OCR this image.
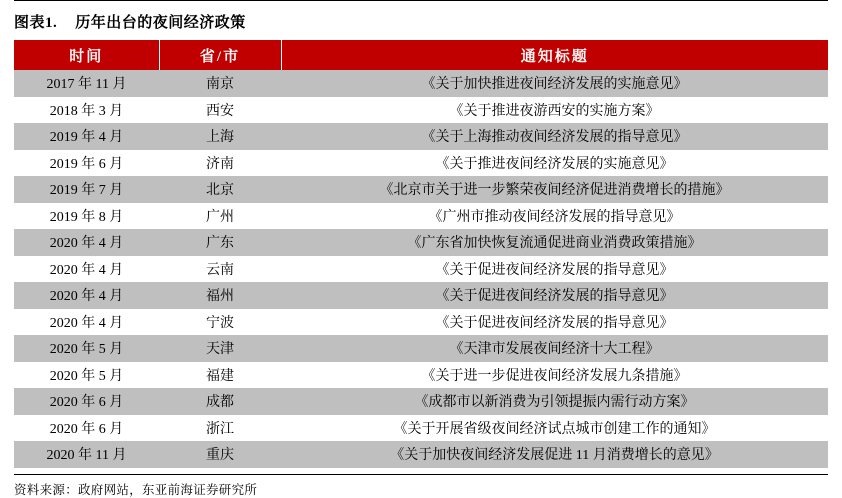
图表1. 历年出台的夜间经济政策
时间	省/市	通知标题
2017 年 11 月	南京	《关于加快推进夜间经济发展的实施意见》
2018 年 3 月	西安	《关于推进夜游西安的实施方案》
2019 年 4 月	上海	《关于上海推动夜间经济发展的指导意见》
2019 年 6 月	济南	《关于推进夜间经济发展的实施意见》
2019 年 7 月	北京	《北京市关于进一步繁荣夜间经济促进消费增长的措施》
2019 年 8 月	广州	《广州市推动夜间经济发展的指导意见》
2020 年 4 月	广东	《广东省加快恢复流通促进商业消费政策措施》
2020 年 4 月	云南	《关于促进夜间经济发展的指导意见》
2020 年 4 月	福州	《关于促进夜间经济发展的指导意见》
2020 年 4 月	宁波	《关于促进夜间经济发展的指导意见》
2020 年 5 月	天津	《天津市发展夜间经济十大工程》
2020 年 5 月	福建	《关于进一步促进夜间经济发展九条措施》
2020 年 6 月	成都	《成都市以新消费为引领提振内需行动方案》
2020 年 6 月	浙江	《关于开展省级夜间经济试点城市创建工作的通知》
2020 年 11 月	重庆	《关于加快夜间经济发展促进 11 月消费增长的意见》
资料来源：政府网站，东亚前海证券研究所
